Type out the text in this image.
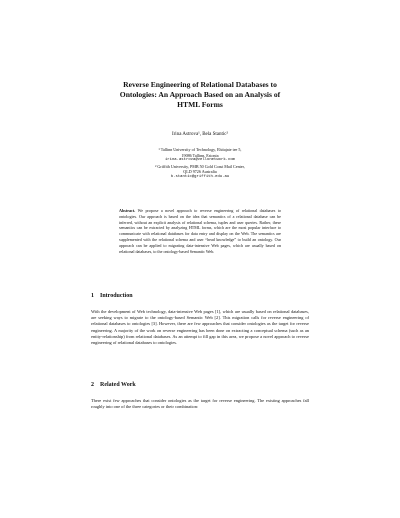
Reverse Engineering of Relational Databases to
Ontologies: An Approach Based on an Analysis of
HTML Forms
Irina Astrova¹, Bela Stantic²
¹ Tallinn University of Technology, Ehitajate tee 5,
19086 Tallinn, Estonia
irina.astrova@vellonetwork.com
² Griffith University, PMB 50 Gold Coast Mail Center,
QLD 9726 Australia
b.stantic@griffith.edu.au
Abstract. We propose a novel approach to reverse engineering of relational databases to ontologies. Our approach is based on the idea that semantics of a relational database can be inferred, without an explicit analysis of relational schema, tuples and user queries. Rather, these semantics can be extracted by analyzing HTML forms, which are the most popular interface to communicate with relational databases for data entry and display on the Web. The semantics are supplemented with the relational schema and user “head knowledge” to build an ontology. Our approach can be applied to migrating data-intensive Web pages, which are usually based on relational databases, to the ontology-based Semantic Web.
1 Introduction
With the development of Web technology, data-intensive Web pages [1], which are usually based on relational databases, are seeking ways to migrate to the ontology-based Semantic Web [2]. This migration calls for reverse engineering of relational databases to ontologies [3]. However, there are few approaches that consider ontologies as the target for reverse engineering. A majority of the work on reverse engineering has been done on extracting a conceptual schema (such as an entity-relationship) from relational databases. As an attempt to fill gap in this area, we propose a novel approach to reverse engineering of relational databases to ontologies.
2 Related Work
There exist few approaches that consider ontologies as the target for reverse engineering. The existing approaches fall roughly into one of the three categories or their combination:
